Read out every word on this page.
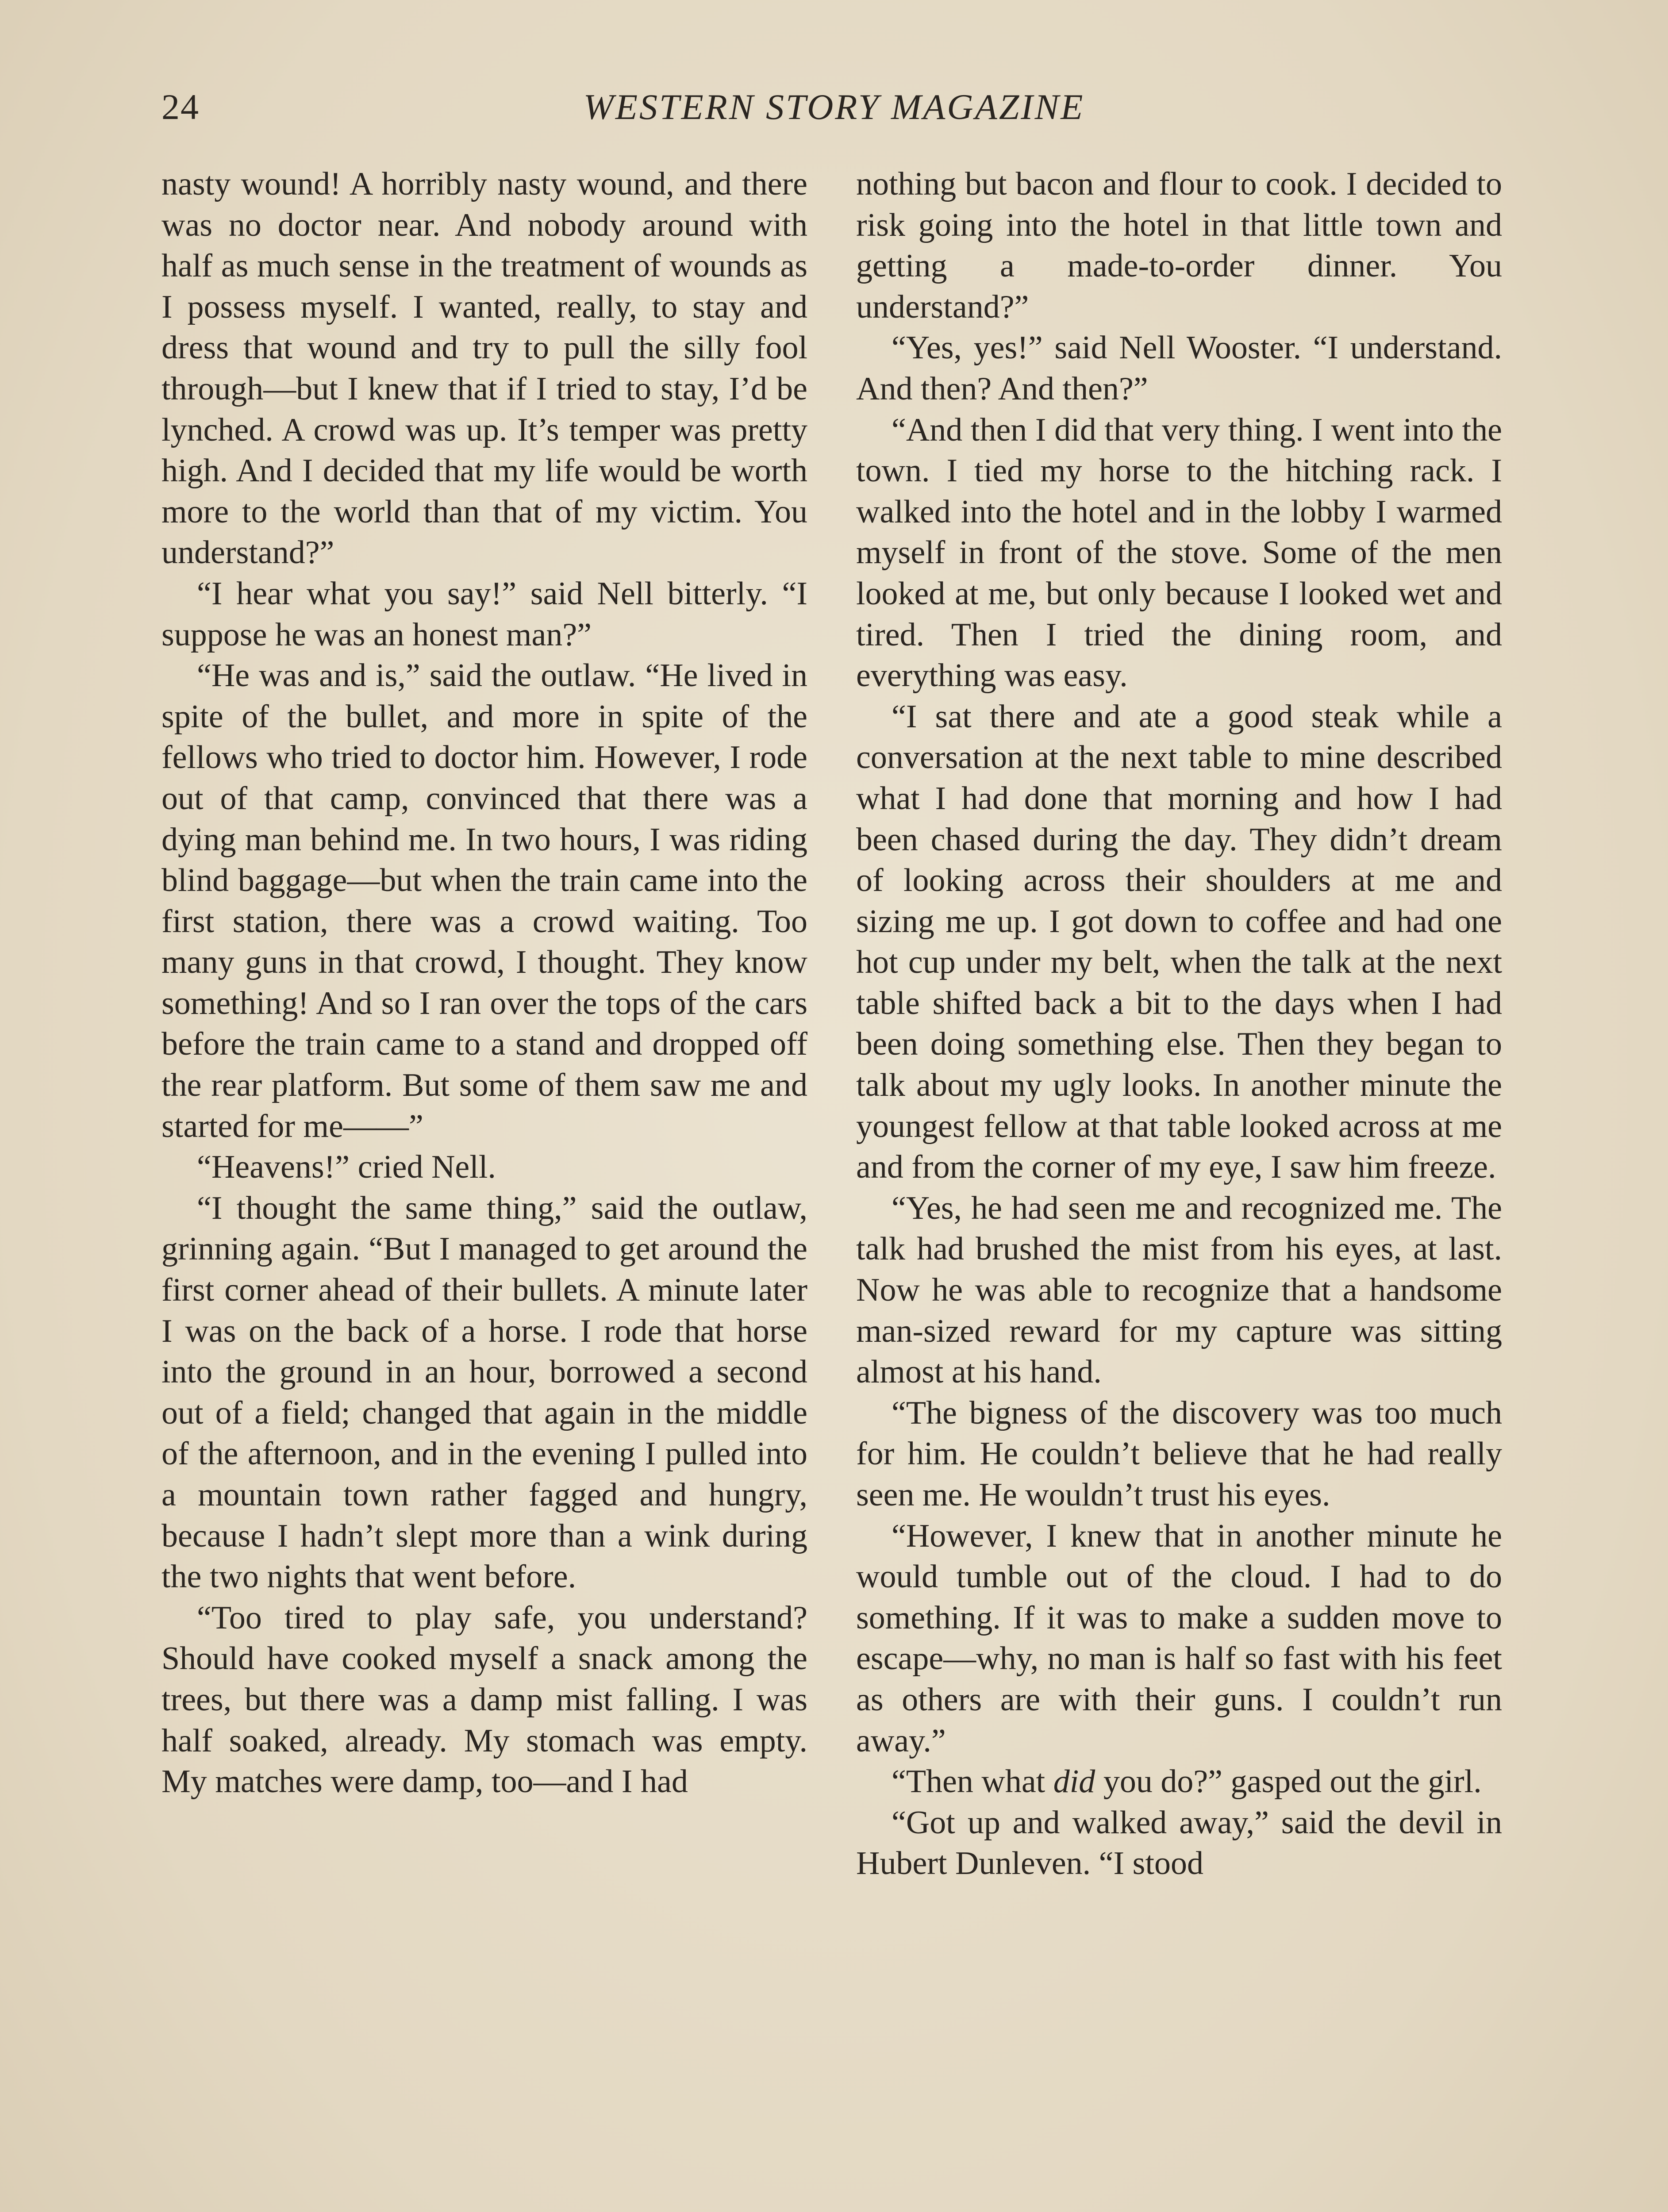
24	WESTERN STORY MAGAZINE

nasty wound! A horribly nasty wound, and there was no doctor near. And nobody around with half as much sense in the treatment of wounds as I possess myself. I wanted, really, to stay and dress that wound and try to pull the silly fool through—but I knew that if I tried to stay, I’d be lynched. A crowd was up. It’s temper was pretty high. And I decided that my life would be worth more to the world than that of my victim. You understand?”

“I hear what you say!” said Nell bitterly. “I suppose he was an honest man?”

“He was and is,” said the outlaw. “He lived in spite of the bullet, and more in spite of the fellows who tried to doctor him. However, I rode out of that camp, convinced that there was a dying man behind me. In two hours, I was riding blind baggage—but when the train came into the first station, there was a crowd waiting. Too many guns in that crowd, I thought. They know something! And so I ran over the tops of the cars before the train came to a stand and dropped off the rear platform. But some of them saw me and started for me——”

“Heavens!” cried Nell.

“I thought the same thing,” said the outlaw, grinning again. “But I managed to get around the first corner ahead of their bullets. A minute later I was on the back of a horse. I rode that horse into the ground in an hour, borrowed a second out of a field; changed that again in the middle of the afternoon, and in the evening I pulled into a mountain town rather fagged and hungry, because I hadn’t slept more than a wink during the two nights that went before.

“Too tired to play safe, you understand? Should have cooked myself a snack among the trees, but there was a damp mist falling. I was half soaked, already. My stomach was empty. My matches were damp, too—and I had

nothing but bacon and flour to cook. I decided to risk going into the hotel in that little town and getting a made-to-order dinner. You understand?”

“Yes, yes!” said Nell Wooster. “I understand. And then? And then?”

“And then I did that very thing. I went into the town. I tied my horse to the hitching rack. I walked into the hotel and in the lobby I warmed myself in front of the stove. Some of the men looked at me, but only because I looked wet and tired. Then I tried the dining room, and everything was easy.

“I sat there and ate a good steak while a conversation at the next table to mine described what I had done that morning and how I had been chased during the day. They didn’t dream of looking across their shoulders at me and sizing me up. I got down to coffee and had one hot cup under my belt, when the talk at the next table shifted back a bit to the days when I had been doing something else. Then they began to talk about my ugly looks. In another minute the youngest fellow at that table looked across at me and from the corner of my eye, I saw him freeze.

“Yes, he had seen me and recognized me. The talk had brushed the mist from his eyes, at last. Now he was able to recognize that a handsome man-sized reward for my capture was sitting almost at his hand.

“The bigness of the discovery was too much for him. He couldn’t believe that he had really seen me. He wouldn’t trust his eyes.

“However, I knew that in another minute he would tumble out of the cloud. I had to do something. If it was to make a sudden move to escape—why, no man is half so fast with his feet as others are with their guns. I couldn’t run away.”

“Then what did you do?” gasped out the girl.

“Got up and walked away,” said the devil in Hubert Dunleven. “I stood
